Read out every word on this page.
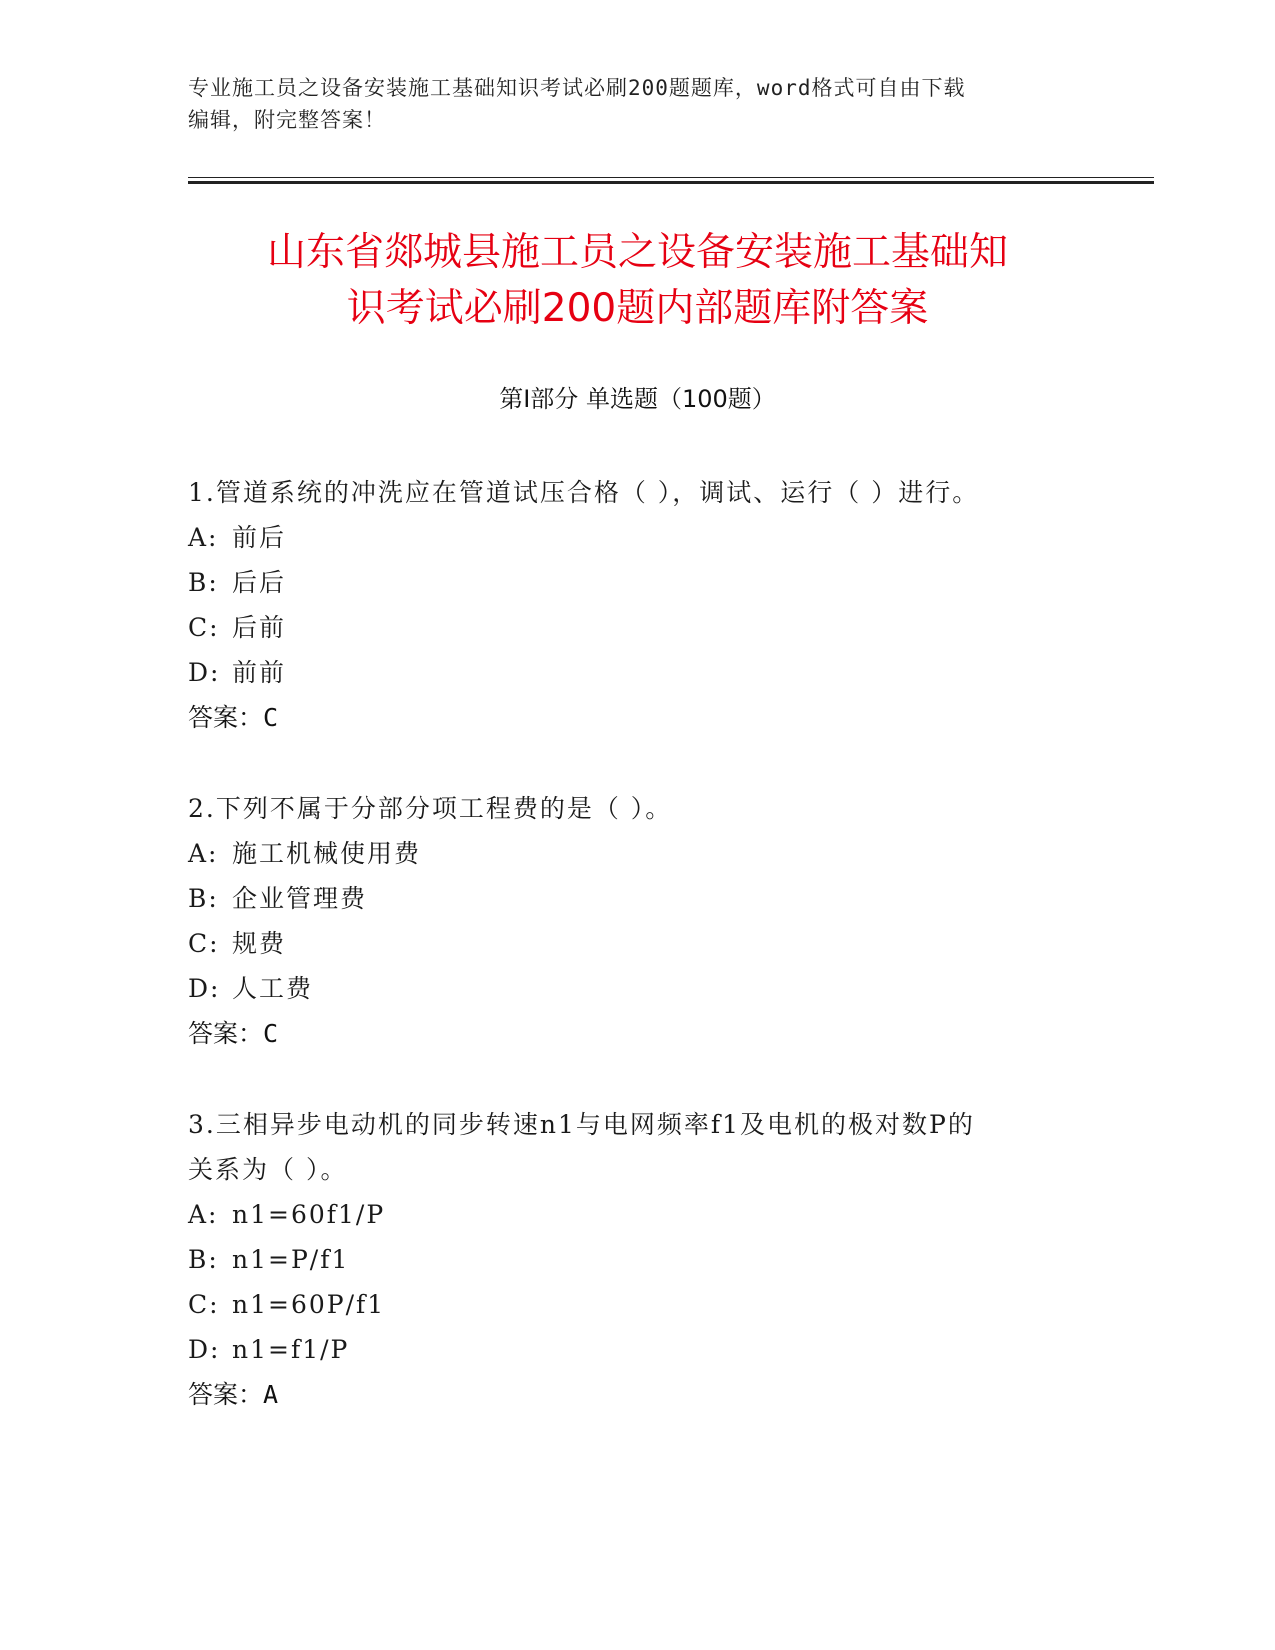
专业施工员之设备安装施工基础知识考试必刷200题题库，word格式可自由下载
编辑，附完整答案！
山东省郯城县施工员之设备安装施工基础知
识考试必刷200题内部题库附答案
第Ⅰ部分 单选题（100题）

1.管道系统的冲洗应在管道试压合格（ ），调试、运行（ ）进行。

A: 前后

B: 后后

C: 后前

D: 前前

答案：C

2.下列不属于分部分项工程费的是（ ）。

A: 施工机械使用费

B: 企业管理费

C: 规费

D: 人工费

答案：C

3.三相异步电动机的同步转速n1与电网频率f1及电机的极对数P的

关系为（ ）。

A: n1=60f1/P

B: n1=P/f1

C: n1=60P/f1

D: n1=f1/P

答案：A
